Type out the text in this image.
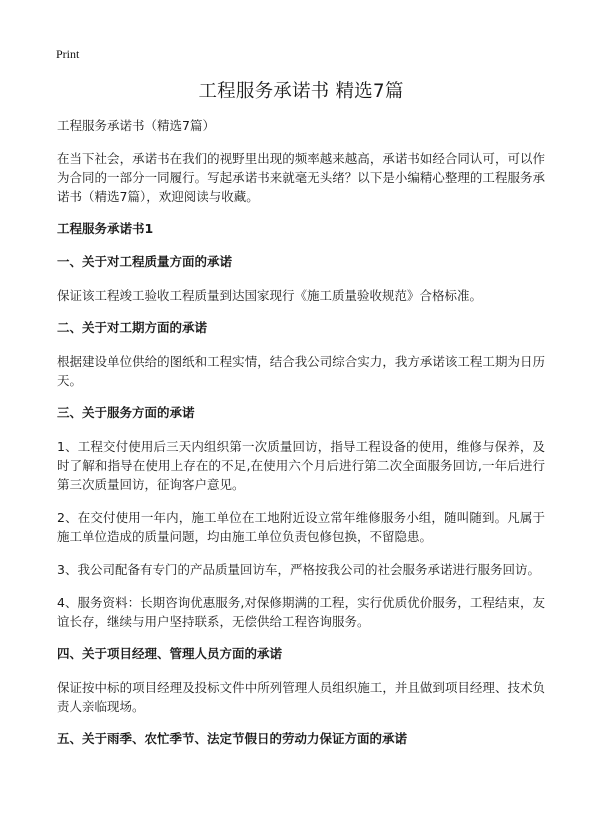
Print
工程服务承诺书 精选7篇

工程服务承诺书（精选7篇）

在当下社会，承诺书在我们的视野里出现的频率越来越高，承诺书如经合同认可，可以作为合同的一部分一同履行。写起承诺书来就毫无头绪？以下是小编精心整理的工程服务承诺书（精选7篇），欢迎阅读与收藏。

工程服务承诺书1

一、关于对工程质量方面的承诺
保证该工程竣工验收工程质量到达国家现行《施工质量验收规范》合格标准。
二、关于对工期方面的承诺
根据建设单位供给的图纸和工程实情，结合我公司综合实力，我方承诺该工程工期为日历天。
三、关于服务方面的承诺
1、工程交付使用后三天内组织第一次质量回访，指导工程设备的使用，维修与保养，及时了解和指导在使用上存在的不足,在使用六个月后进行第二次全面服务回访,一年后进行第三次质量回访，征询客户意见。
2、在交付使用一年内，施工单位在工地附近设立常年维修服务小组，随叫随到。凡属于施工单位造成的质量问题，均由施工单位负责包修包换，不留隐患。
3、我公司配备有专门的产品质量回访车，严格按我公司的社会服务承诺进行服务回访。
4、服务资料：长期咨询优惠服务,对保修期满的工程，实行优质优价服务，工程结束，友谊长存，继续与用户坚持联系，无偿供给工程咨询服务。
四、关于项目经理、管理人员方面的承诺
保证按中标的项目经理及投标文件中所列管理人员组织施工，并且做到项目经理、技术负责人亲临现场。
五、关于雨季、农忙季节、法定节假日的劳动力保证方面的承诺
